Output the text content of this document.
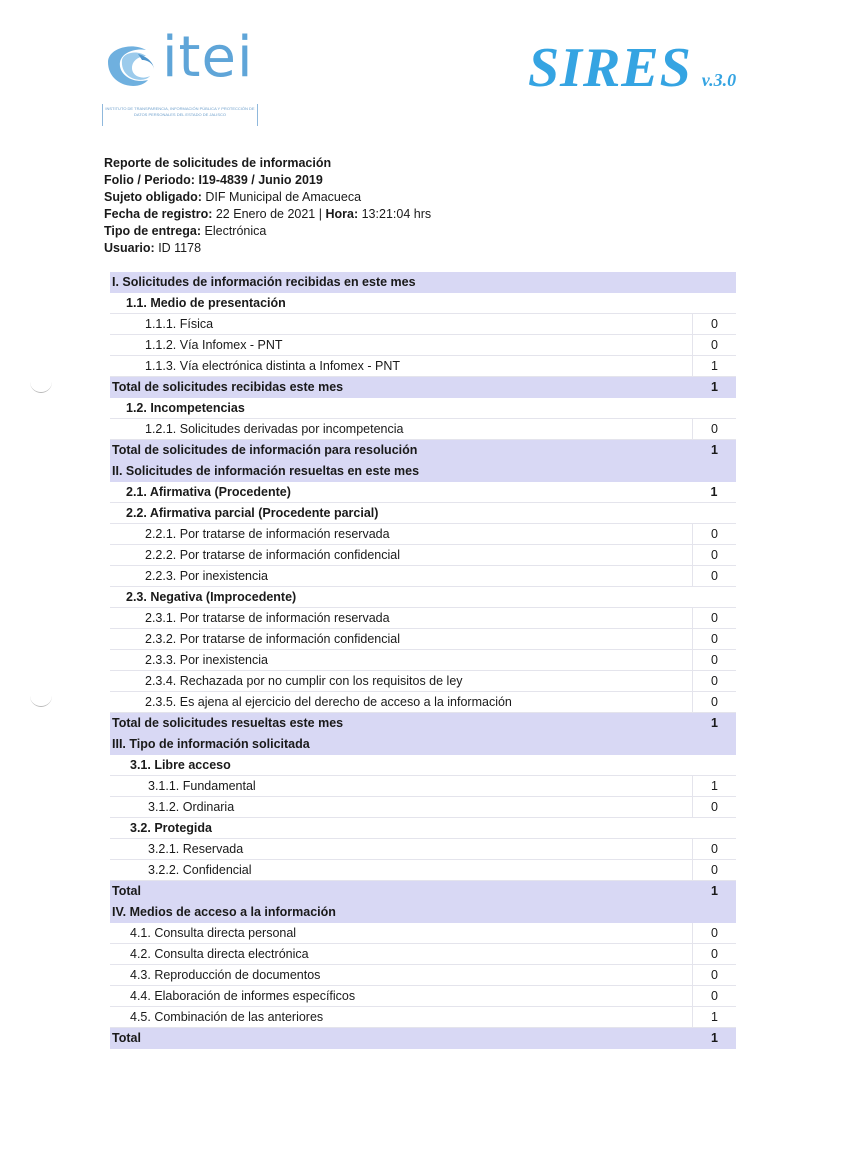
itei
INSTITUTO DE TRANSPARENCIA, INFORMACIÓN PÚBLICA Y PROTECCIÓN DE DATOS PERSONALES DEL ESTADO DE JALISCO
SIRES v.3.0
Reporte de solicitudes de información
Folio / Periodo: I19-4839 / Junio 2019
Sujeto obligado: DIF Municipal de Amacueca
Fecha de registro: 22 Enero de 2021 | Hora: 13:21:04 hrs
Tipo de entrega: Electrónica
Usuario: ID 1178
I. Solicitudes de información recibidas en este mes
1.1. Medio de presentación
1.1.1. Física	0
1.1.2. Vía Infomex - PNT	0
1.1.3. Vía electrónica distinta a Infomex - PNT	1
Total de solicitudes recibidas este mes	1
1.2. Incompetencias
1.2.1. Solicitudes derivadas por incompetencia	0
Total de solicitudes de información para resolución	1
II. Solicitudes de información resueltas en este mes
2.1. Afirmativa (Procedente)	1
2.2. Afirmativa parcial (Procedente parcial)
2.2.1. Por tratarse de información reservada	0
2.2.2. Por tratarse de información confidencial	0
2.2.3. Por inexistencia	0
2.3. Negativa (Improcedente)
2.3.1. Por tratarse de información reservada	0
2.3.2. Por tratarse de información confidencial	0
2.3.3. Por inexistencia	0
2.3.4. Rechazada por no cumplir con los requisitos de ley	0
2.3.5. Es ajena al ejercicio del derecho de acceso a la información	0
Total de solicitudes resueltas este mes	1
III. Tipo de información solicitada
3.1. Libre acceso
3.1.1. Fundamental	1
3.1.2. Ordinaria	0
3.2. Protegida
3.2.1. Reservada	0
3.2.2. Confidencial	0
Total	1
IV. Medios de acceso a la información
4.1. Consulta directa personal	0
4.2. Consulta directa electrónica	0
4.3. Reproducción de documentos	0
4.4. Elaboración de informes específicos	0
4.5. Combinación de las anteriores	1
Total	1
